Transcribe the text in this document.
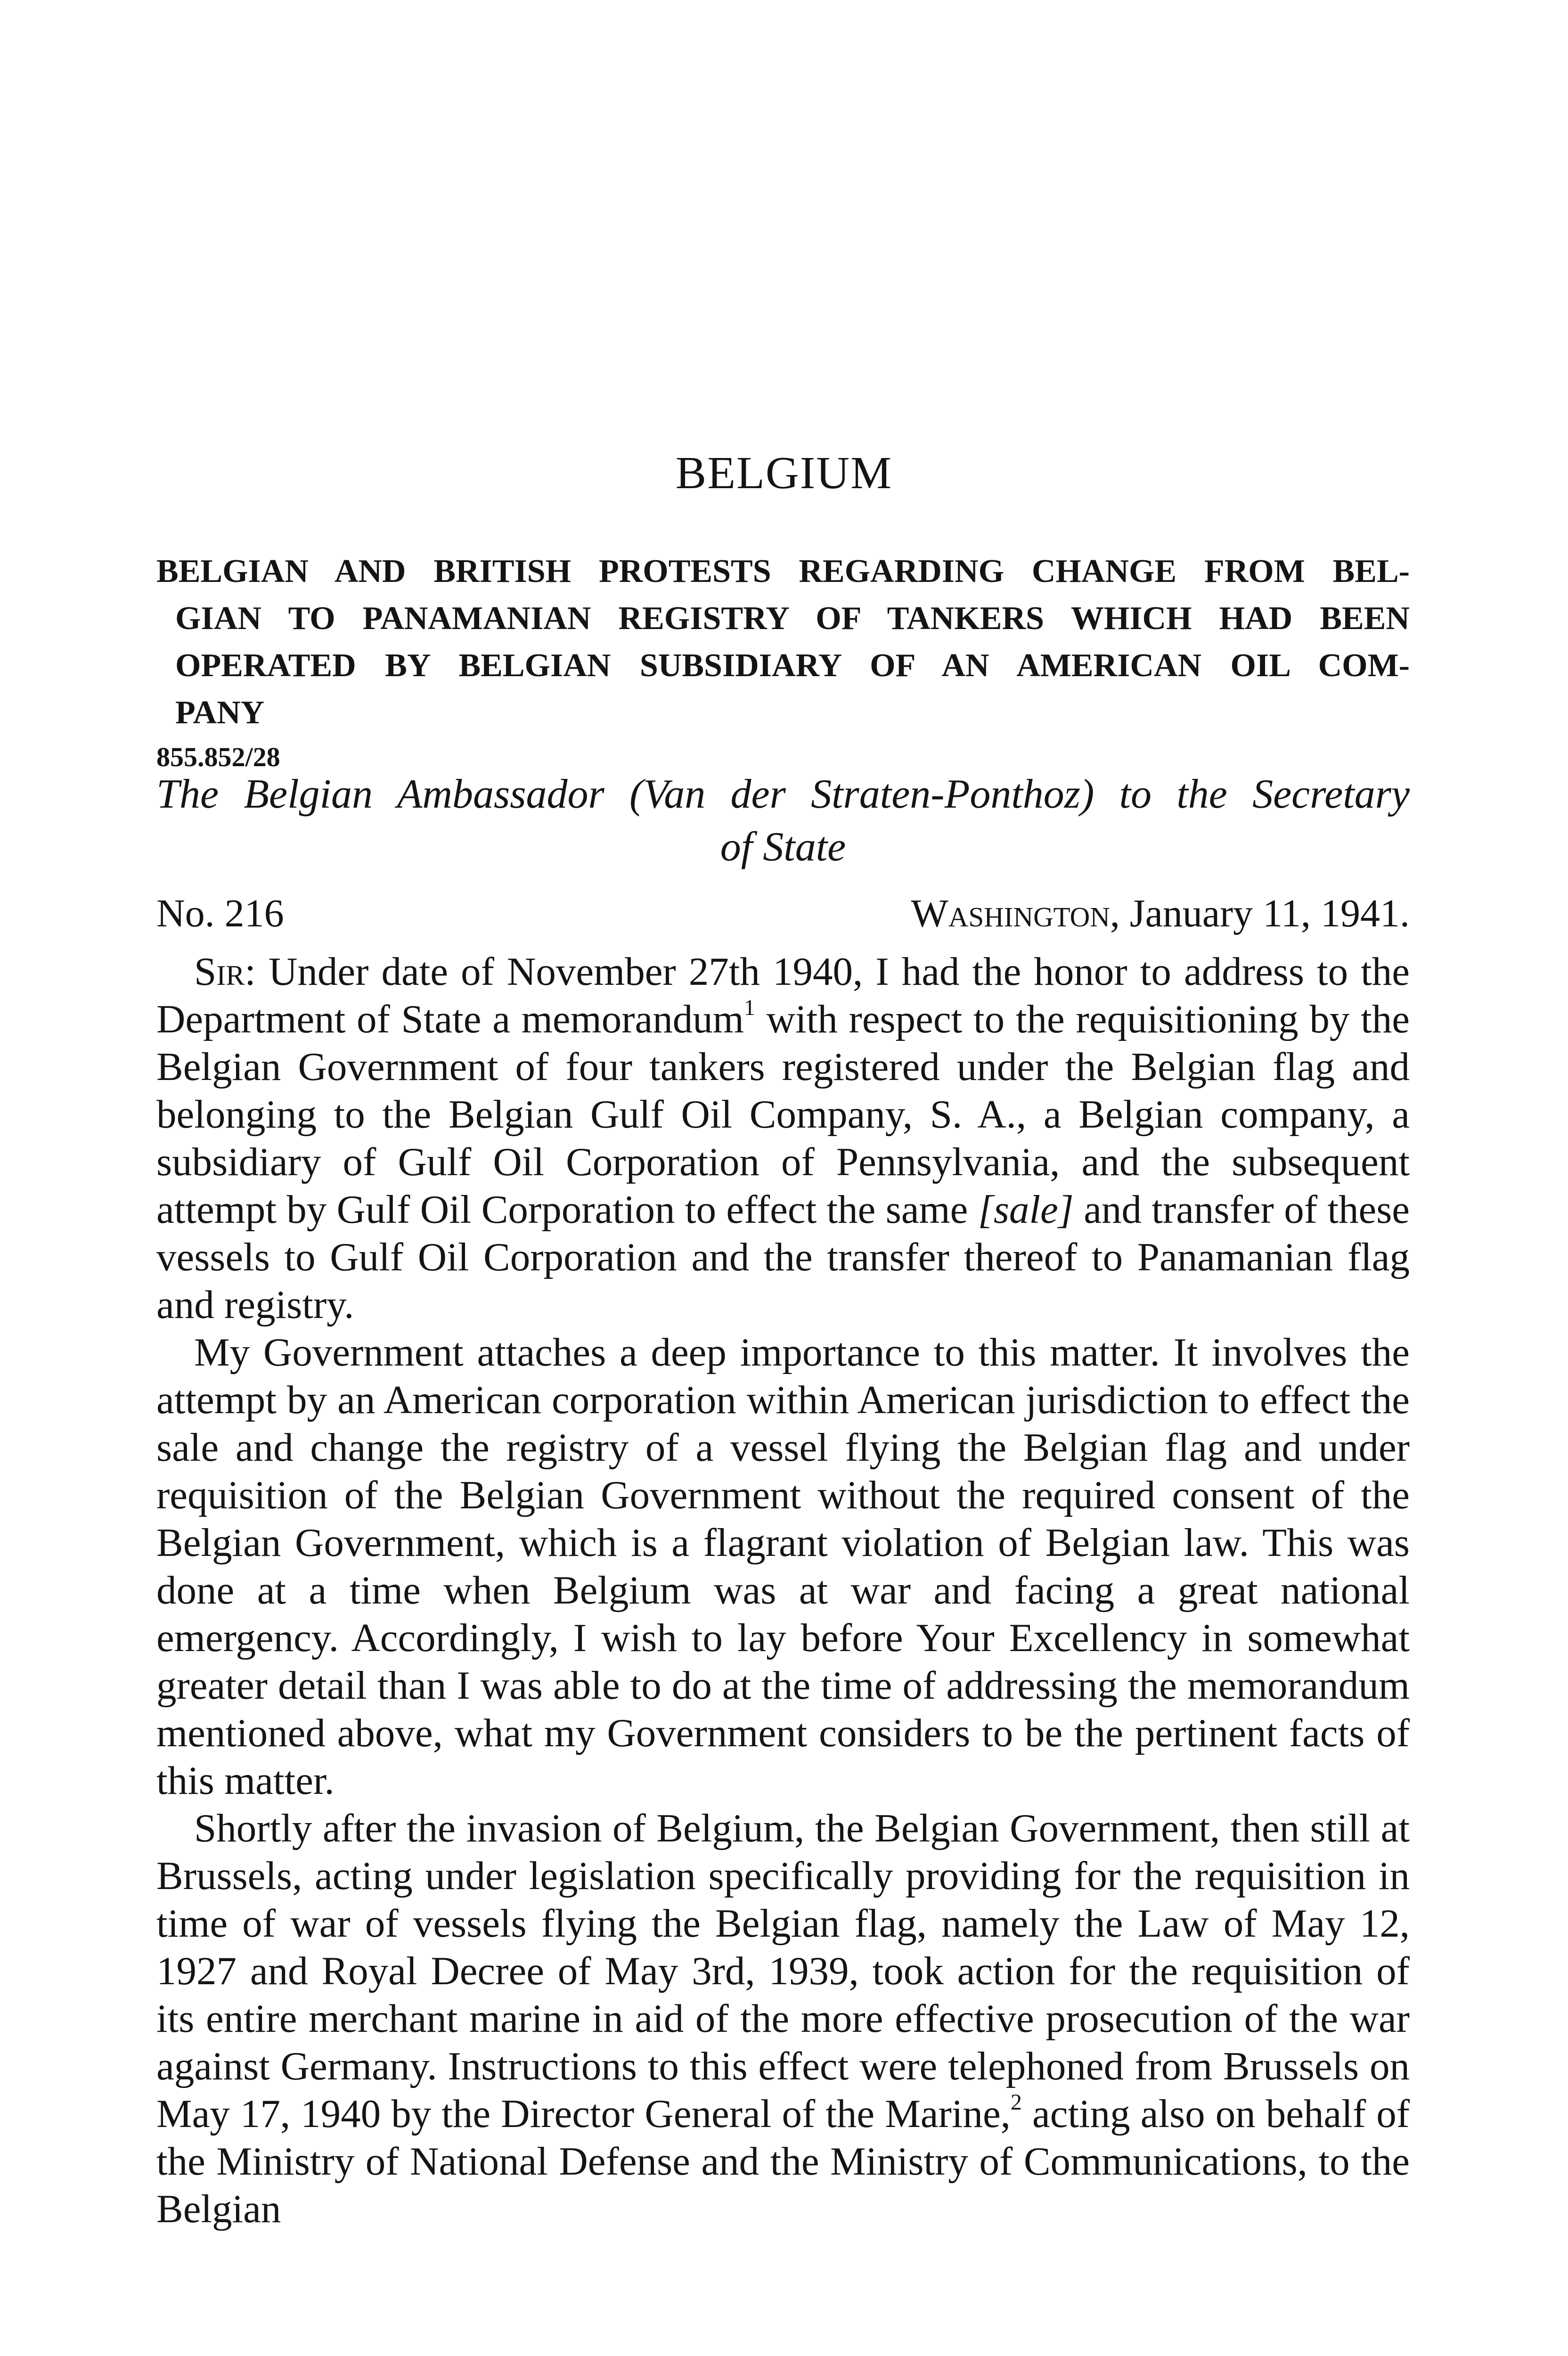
BELGIUM
BELGIAN AND BRITISH PROTESTS REGARDING CHANGE FROM BEL-
GIAN TO PANAMANIAN REGISTRY OF TANKERS WHICH HAD BEEN
OPERATED BY BELGIAN SUBSIDIARY OF AN AMERICAN OIL COM-
PANY
855.852/28
The Belgian Ambassador (Van der Straten-Ponthoz) to the Secretary
of State
No. 216	Washington, January 11, 1941.

Sir: Under date of November 27th 1940, I had the honor to address to the Department of State a memorandum$^1$ with respect to the requisitioning by the Belgian Government of four tankers registered under the Belgian flag and belonging to the Belgian Gulf Oil Company, S. A., a Belgian company, a subsidiary of Gulf Oil Corporation of Pennsylvania, and the subsequent attempt by Gulf Oil Corporation to effect the same [sale] and transfer of these vessels to Gulf Oil Corporation and the transfer thereof to Panamanian flag and registry.

My Government attaches a deep importance to this matter. It involves the attempt by an American corporation within American jurisdiction to effect the sale and change the registry of a vessel flying the Belgian flag and under requisition of the Belgian Government without the required consent of the Belgian Government, which is a flagrant violation of Belgian law. This was done at a time when Belgium was at war and facing a great national emergency. Accordingly, I wish to lay before Your Excellency in somewhat greater detail than I was able to do at the time of addressing the memorandum mentioned above, what my Government considers to be the pertinent facts of this matter.

Shortly after the invasion of Belgium, the Belgian Government, then still at Brussels, acting under legislation specifically providing for the requisition in time of war of vessels flying the Belgian flag, namely the Law of May 12, 1927 and Royal Decree of May 3rd, 1939, took action for the requisition of its entire merchant marine in aid of the more effective prosecution of the war against Germany. Instructions to this effect were telephoned from Brussels on May 17, 1940 by the Director General of the Marine,$^2$ acting also on behalf of the Ministry of National Defense and the Ministry of Communications, to the Belgian
